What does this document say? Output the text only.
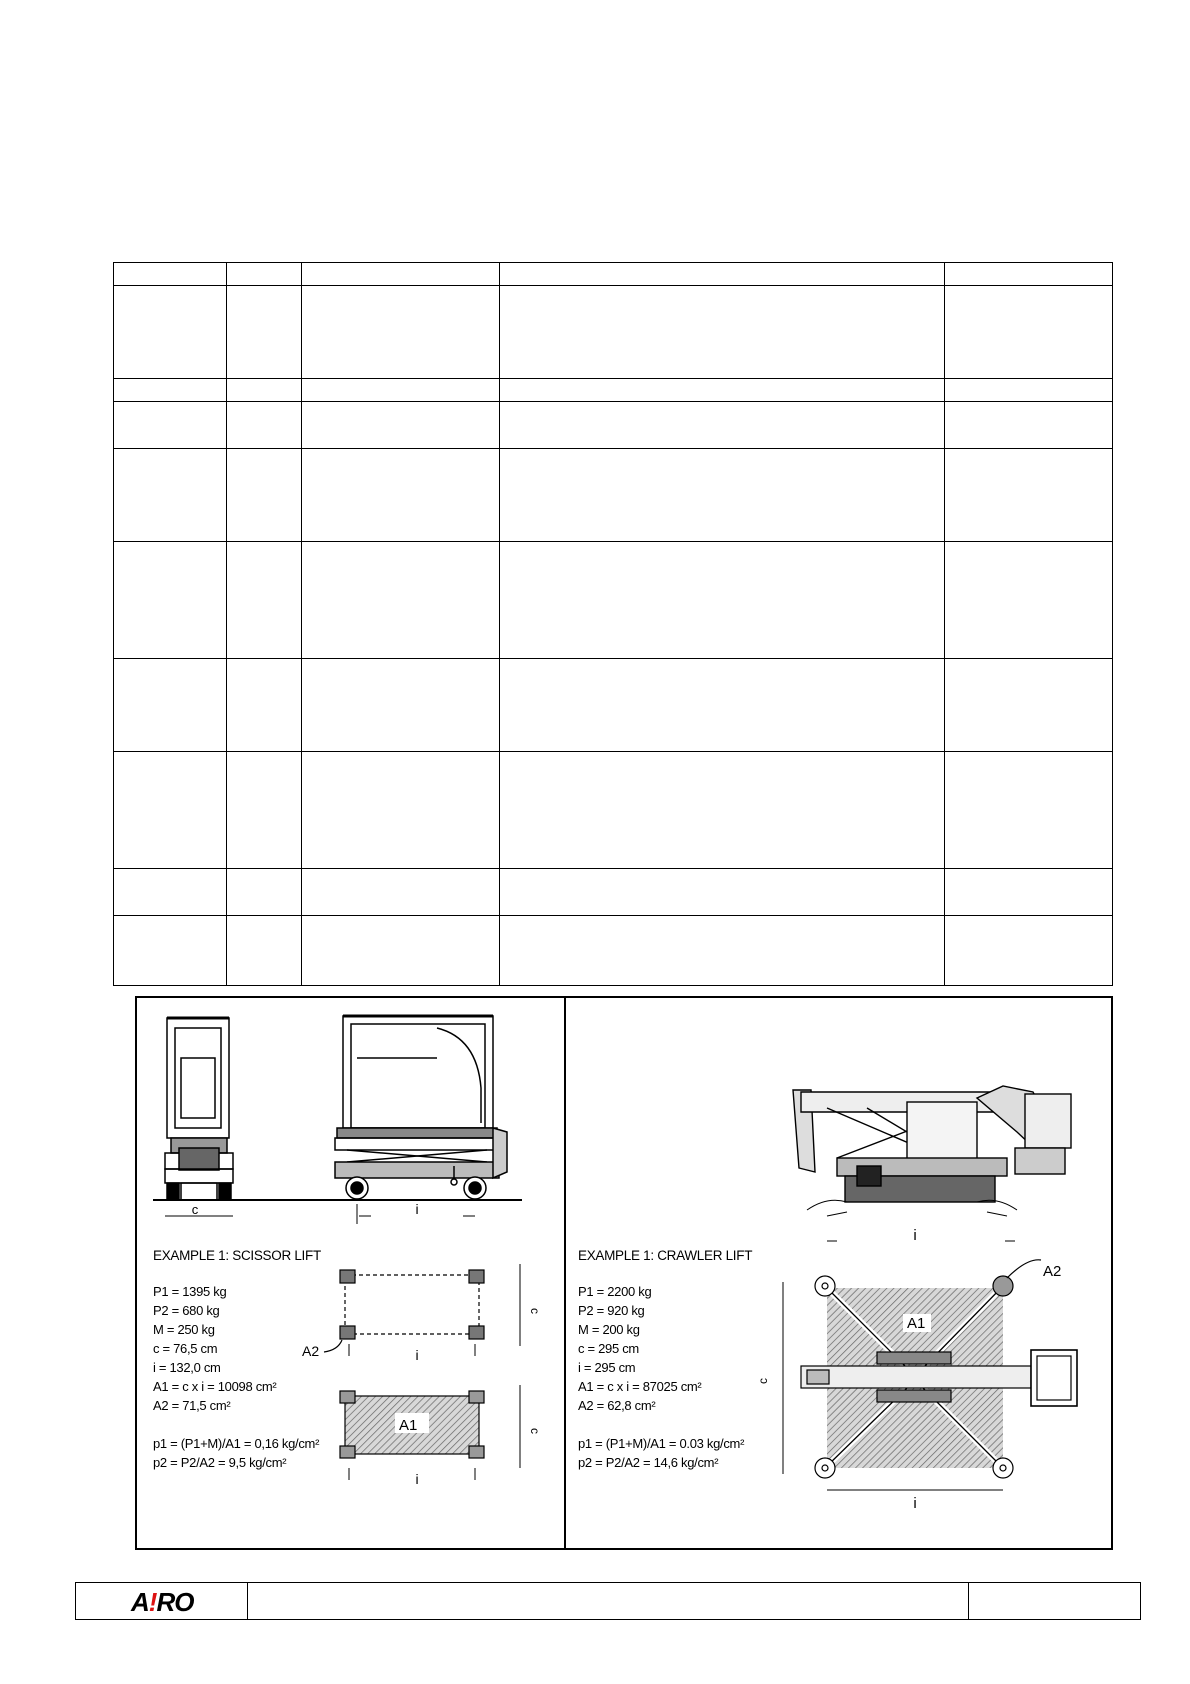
c	i
i
i
c
c
A1
A2
i
i
c
A1
A2
EXAMPLE 1: SCISSOR LIFT
P1 = 1395 kg
P2 = 680 kg
M = 250 kg
c = 76,5 cm
i = 132,0 cm
A1 = c x i = 10098 cm²
A2 = 71,5 cm²
p1 = (P1+M)/A1 = 0,16 kg/cm²
p2 = P2/A2 = 9,5 kg/cm²
EXAMPLE 1: CRAWLER LIFT
P1 = 2200 kg
P2 = 920 kg
M = 200 kg
c = 295 cm
i = 295 cm
A1 = c x i = 87025 cm²
A2 = 62,8 cm²
p1 = (P1+M)/A1 = 0.03 kg/cm²
p2 = P2/A2 = 14,6 kg/cm²
A!RO
